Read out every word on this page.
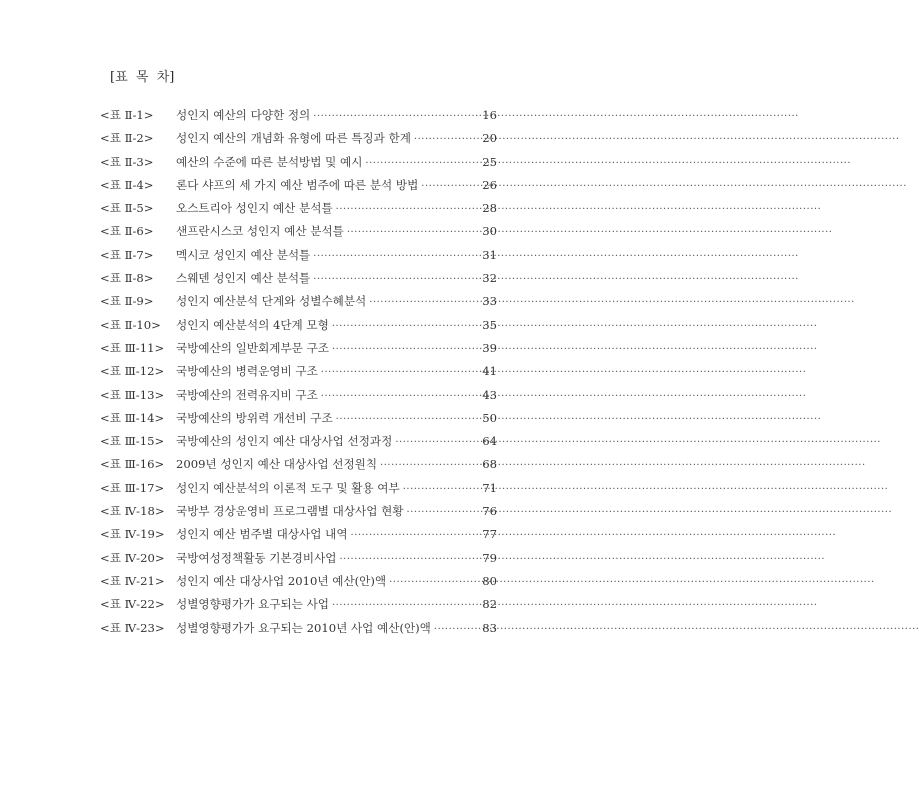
[표  목  차]
<표 Ⅱ-1>	성인지 예산의 다양한 정의 ·····	16
<표 Ⅱ-2>	성인지 예산의 개념화 유형에 따른 특징과 한계 ·····	20
<표 Ⅱ-3>	예산의 수준에 따른 분석방법 및 예시 ·····	25
<표 Ⅱ-4>	론다 샤프의 세 가지 예산 범주에 따른 분석 방법 ·····	26
<표 Ⅱ-5>	오스트리아 성인지 예산 분석틀 ·····	28
<표 Ⅱ-6>	샌프란시스코 성인지 예산 분석틀 ·····	30
<표 Ⅱ-7>	멕시코 성인지 예산 분석틀 ·····	31
<표 Ⅱ-8>	스웨덴 성인지 예산 분석틀 ·····	32
<표 Ⅱ-9>	성인지 예산분석 단계와 성별수혜분석 ·····	33
<표 Ⅱ-10>	성인지 예산분석의 4단계 모형 ·····	35
<표 Ⅲ-11>	국방예산의 일반회계부문 구조 ·····	39
<표 Ⅲ-12>	국방예산의 병력운영비 구조 ·····	41
<표 Ⅲ-13>	국방예산의 전력유지비 구조 ·····	43
<표 Ⅲ-14>	국방예산의 방위력 개선비 구조 ·····	50
<표 Ⅲ-15>	국방예산의 성인지 예산 대상사업 선정과정 ·····	64
<표 Ⅲ-16>	2009년 성인지 예산 대상사업 선정원칙 ·····	68
<표 Ⅲ-17>	성인지 예산분석의 이론적 도구 및 활용 여부 ·····	71
<표 Ⅳ-18> 국방부 경상운영비 프로그램별 대상사업 현황 ·····	76
<표 Ⅳ-19> 성인지 예산 범주별 대상사업 내역 ·····	77
<표 Ⅳ-20> 국방여성정책활동 기본경비사업 ·····	79
<표 Ⅳ-21> 성인지 예산 대상사업 2010년 예산(안)액 ·····	80
<표 Ⅳ-22> 성별영향평가가 요구되는 사업 ·····	82
<표 Ⅳ-23> 성별영향평가가 요구되는 2010년 사업 예산(안)액 ·····	83
